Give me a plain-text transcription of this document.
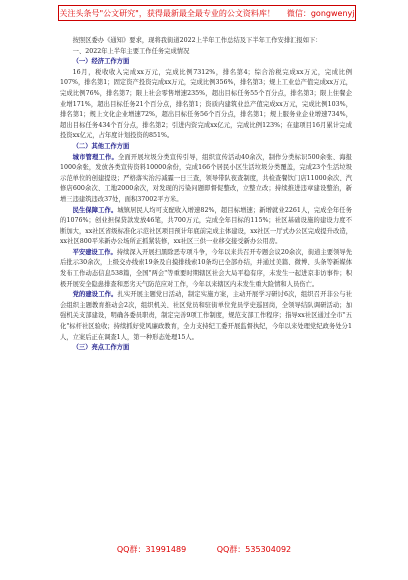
关注头条号"公文研究"，获得最新最全最专业的公文资料库！ 微信：gongwenyj

按照区委办《通知》要求，现将我街道2022上半年工作总结及下半年工作安排汇报如下：

一、2022年上半年主要工作任务完成情况

（一）经济工作方面

16月，税收收入完成xx万元，完成比例7312%，排名第4；综合治税完成xx万元，完成比例107%，排名第1；固定资产投资完成xx万元，完成比例356%，排名第3；规上工业总产值完成xx万元，完成比例76%，排名第7；限上社会零售增速235%，超出目标任务55个百分点，排名第3；限上住餐企业增171%，超出目标任务21个百分点，排名第1；资质内建筑业总产值完成xx万元，完成比例103%，排名第1；规上文化企业增速72%，超出目标任务56个百分点，排名第1；规上服务业企业增速734%，超出目标任务434个百分点，排名第2；引进内资完成xx亿元，完成比例123%；在建项目16月累计完成投资xx亿元，占年度计划投资的851%。

（二）其他工作方面

城市管理工作。全面开展垃圾分类宣传引导，组织宣传活动40余次，制作分类标识500余张、海报1000余张，发放各类宣传资料10000余份，完成166个居民小区生活垃圾分类覆盖，完成23个生活垃圾示范单位的创建提设；严格落实治污减霾一日三查，领导带队夜查制度，共检查餐饮门店11000余次、汽修店600余次、工地2000余次，对发现的污染问题即督促整改，立整立改；持续推进违章建设整治，新增三违建筑违改37处，面积37002平方米。

民生保障工作。城镇居民人均可支配收入增速82%，超目标增速；新增就业2261人，完成全年任务的1076%；创业担保贷款发放46笔，共700万元，完成全年目标的115%；社区基础设施的建设力度不断加大，xx社区省级标准化示范社区项目预计年底前完成主体建设，xx社区一厅式办公区完成提升改造，xx社区800平米新办公场所正抓紧装修，xx社区三供一业移交接受新办公用房。

平安建设工作。持续深入开展扫黑除恶专项斗争，今年以来共召开专题会议20余次，街道主要领导先后批示30余次，上级交办线索19条及自摸排线索10条均已全部办结，并通过美篇、微博、头条等新媒体发布工作动态信息538篇，全国"两会"等重要时期辖区社会大局平稳有序，未发生一起进京非访事件；积极开展安全隐患排查和恶劣天气防范应对工作，今年以来辖区内未发生重大险情和人员伤亡。

党的建设工作。扎实开展主题党日活动，制定实施方案，主动开展学习研讨6次，组织召开非公与社会组织主题教育推动会2次，组织机关、社区党员和驻街单位党员学史巡回岗，全领导结队调研活动；加强机关支部建设，明确各委员职责，制定完善9项工作制度，规范支部工作程序；指导xx社区通过全市"五化"标杆社区验收；持续抓好党风廉政教育，全力支持纪工委开展监督执纪，今年以来处理党纪政务处分1人，立案后正在调查1人，第一种形态处理15人。

（三）亮点工作方面

QQ群：31991489	QQ群：535304092
